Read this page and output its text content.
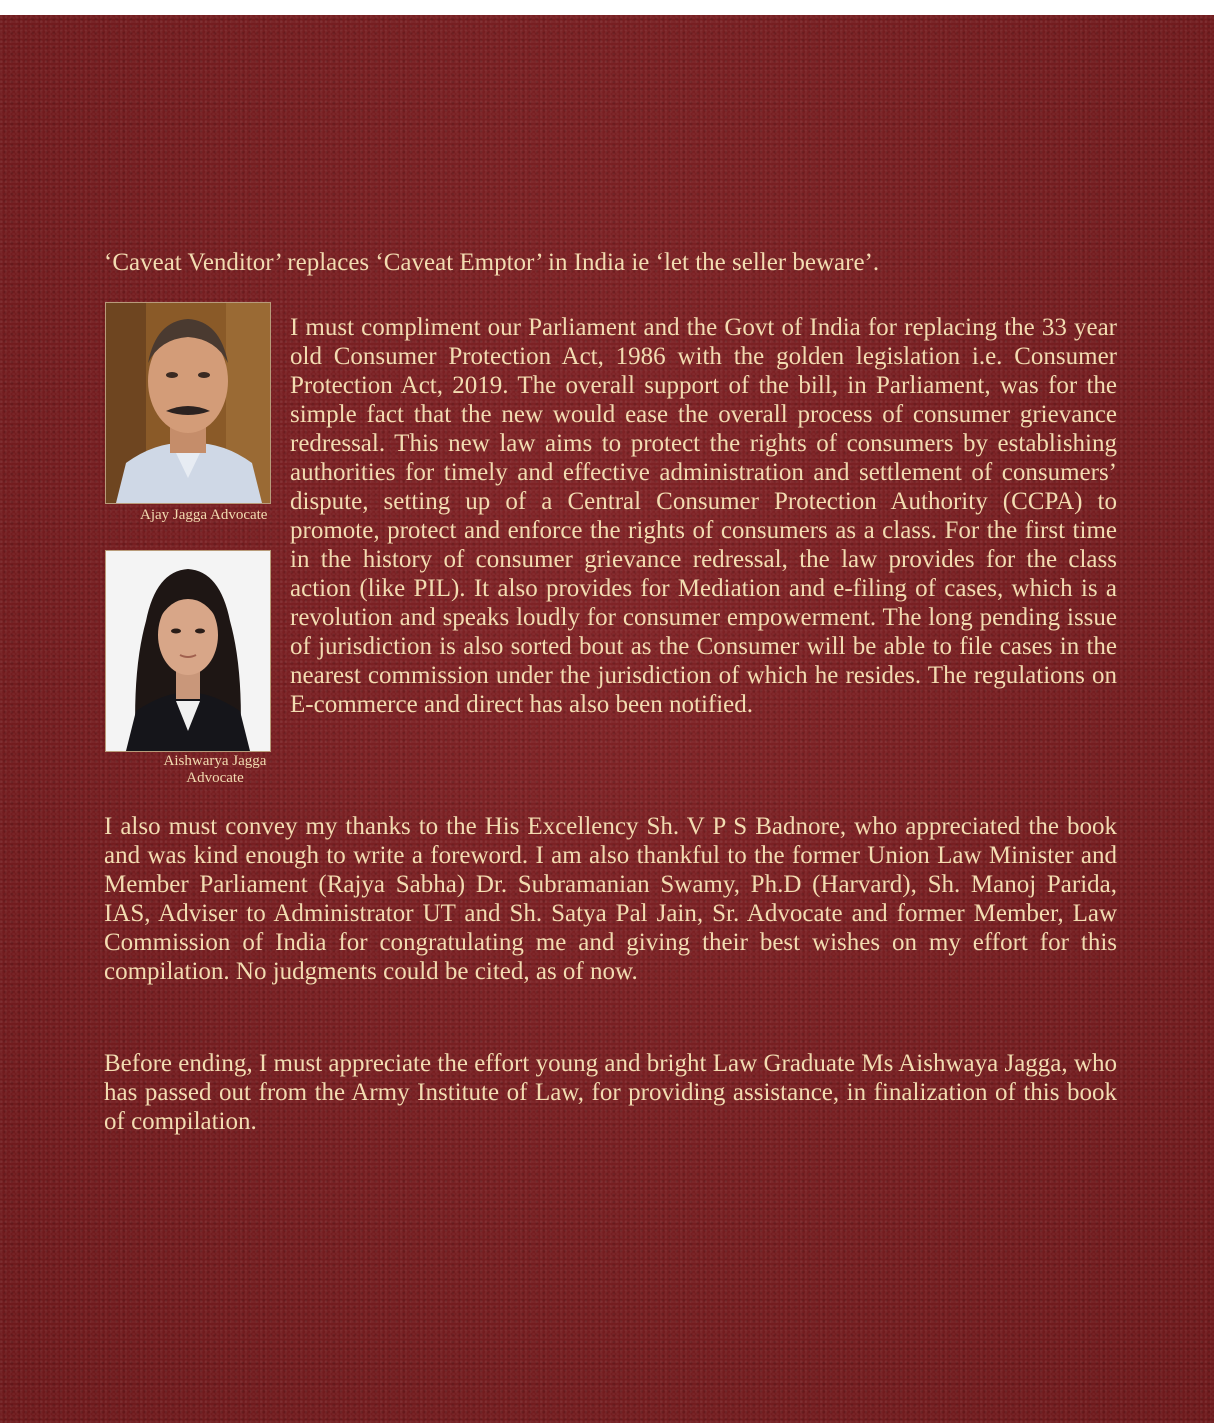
‘Caveat Venditor’ replaces ‘Caveat Emptor’ in India ie ‘let the seller beware’.
Ajay Jagga Advocate
Aishwarya Jagga
Advocate
I must compliment our Parliament and the Govt of India for replacing the 33 year old Consumer Protection Act, 1986 with the golden legislation i.e. Consumer Protection Act, 2019. The overall support of the bill, in Parliament, was for the simple fact that the new would ease the overall process of consumer grievance redressal. This new law aims to protect the rights of consumers by establishing authorities for timely and effective administration and settlement of consumers’ dispute, setting up of a Central Consumer Protection Authority (CCPA) to promote, protect and enforce the rights of consumers as a class. For the first time in the history of consumer grievance redressal, the law provides for the class action (like PIL). It also provides for Mediation and e-filing of cases, which is a revolution and speaks loudly for consumer empowerment. The long pending issue of jurisdiction is also sorted bout as the Consumer will be able to file cases in the nearest commission under the jurisdiction of which he resides. The regulations on E-commerce and direct has also been notified.
I also must convey my thanks to the His Excellency Sh. V P S Badnore, who appreciated the book and was kind enough to write a foreword. I am also thankful to the former Union Law Minister and Member Parliament (Rajya Sabha) Dr. Subramanian Swamy, Ph.D (Harvard), Sh. Manoj Parida, IAS, Adviser to Administrator UT and Sh. Satya Pal Jain, Sr. Advocate and former Member, Law Commission of India for congratulating me and giving their best wishes on my effort for this compilation. No judgments could be cited, as of now.
Before ending, I must appreciate the effort young and bright Law Graduate Ms Aishwaya Jagga, who has passed out from the Army Institute of Law, for providing assistance, in finalization of this book of compilation.
